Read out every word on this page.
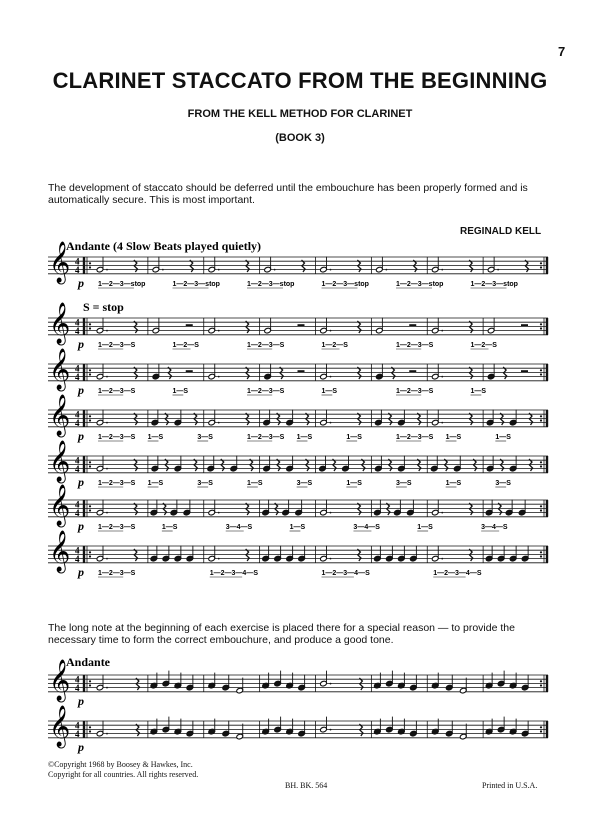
7
CLARINET STACCATO FROM THE BEGINNING
FROM THE KELL METHOD FOR CLARINET
(BOOK 3)
The development of staccato should be deferred until the embouchure has been properly formed and is automatically secure. This is most important.
REGINALD KELL
The long note at the beginning of each exercise is placed there for a special reason — to provide the necessary time to form the correct embouchure, and produce a good tone.
©Copyright 1968 by Boosey & Hawkes, Inc.
Copyright for all countries. All rights reserved.
BH. BK. 564	Printed in U.S.A.
𝄞 4
4
p 1—2—3—stop	1—2—3—stop	1—2—3—stop	1—2—3—stop	1—2—3—stop	1—2—3—stop
𝄞 4
4
p 1—2—3—S	1—2—S	1—2—3—S	1—2—S	1—2—3—S	1—2—S
𝄞 4
4
p 1—2—3—S	1—S	1—2—3—S	1—S	1—2—3—S	1—S
𝄞 4
4
p 1—2—3—S 1—S	3—S	1—2—3—S 1—S	1—S	1—2—3—S 1—S	1—S
𝄞 4
4
p 1—2—3—S 1—S	3—S	1—S	3—S	1—S	3—S	1—S	3—S
𝄞 4
4
p 1—2—3—S	1—S	3—4—S	1—S	3—4—S	1—S	3—4—S
𝄞 4
4
p 1—2—3—S	1—2—3—4—S	1—2—3—4—S	1—2—3—4—S
Andante (4 Slow Beats played quietly)
S = stop
Andante
𝄞 4
4
p
𝄞 4
4
p
